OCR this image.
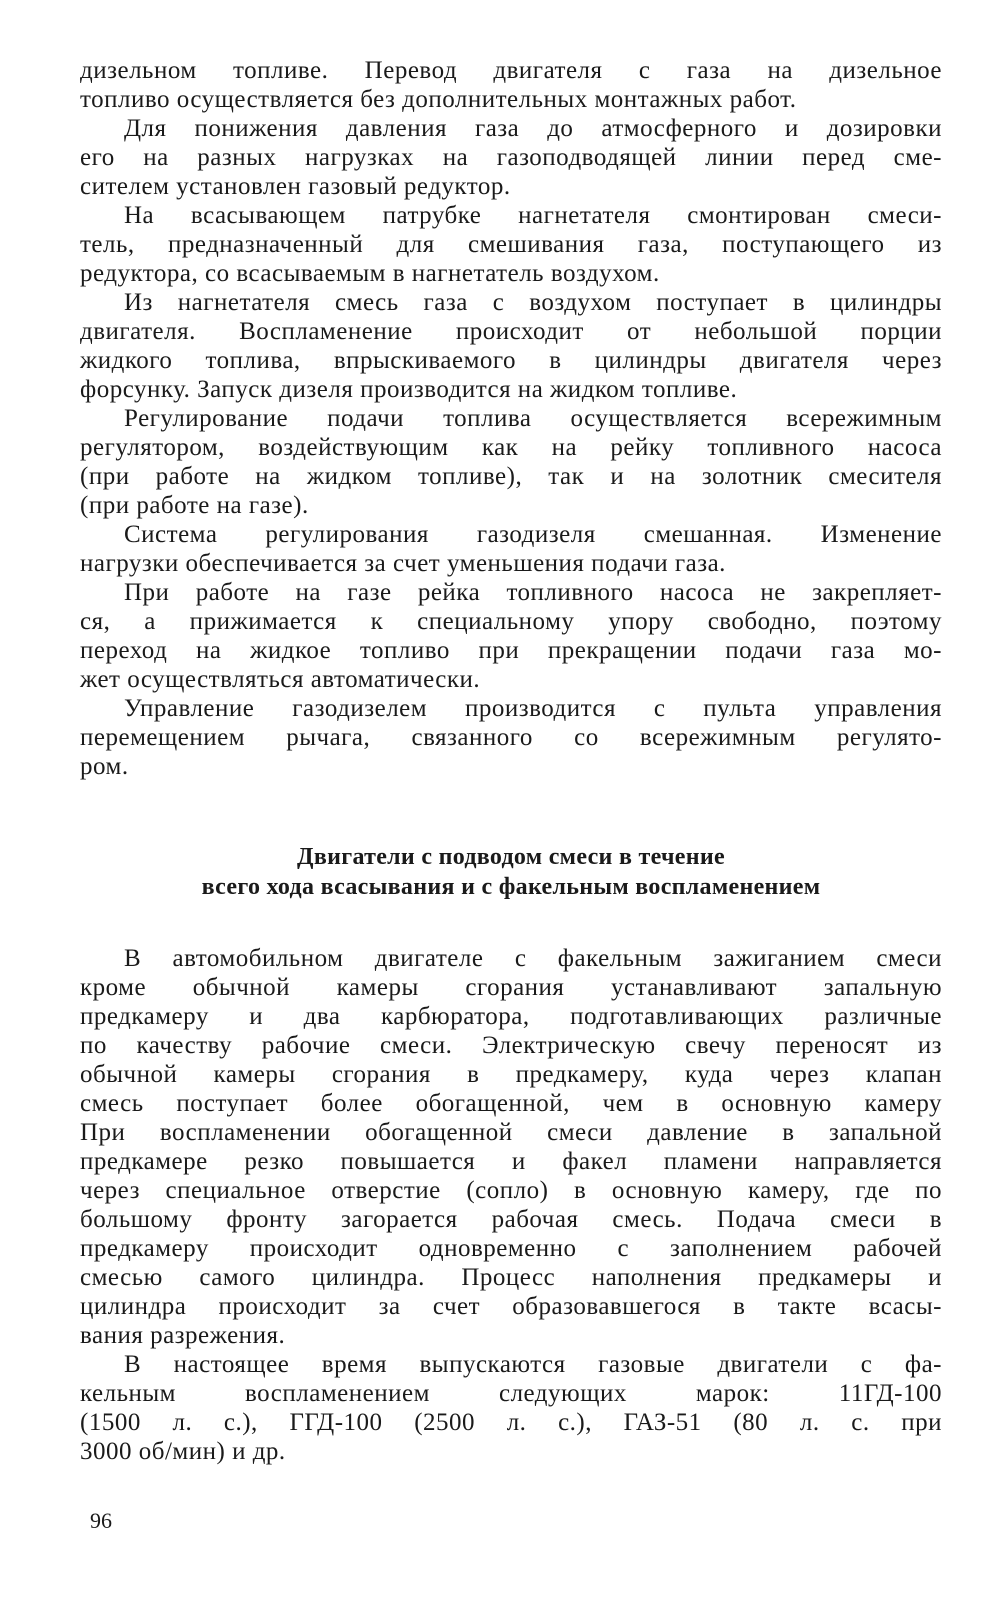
дизельном топливе. Перевод двигателя с газа на дизельное
топливо осуществляется без дополнительных монтажных работ.
Для понижения давления газа до атмосферного и дозировки
его на разных нагрузках на газоподводящей линии перед сме-
сителем установлен газовый редуктор.
На всасывающем патрубке нагнетателя смонтирован смеси-
тель, предназначенный для смешивания газа, поступающего из
редуктора, со всасываемым в нагнетатель воздухом.
Из нагнетателя смесь газа с воздухом поступает в цилиндры
двигателя. Воспламенение происходит от небольшой порции
жидкого топлива, впрыскиваемого в цилиндры двигателя через
форсунку. Запуск дизеля производится на жидком топливе.
Регулирование подачи топлива осуществляется всережимным
регулятором, воздействующим как на рейку топливного насоса
(при работе на жидком топливе), так и на золотник смесителя
(при работе на газе).
Система регулирования газодизеля смешанная. Изменение
нагрузки обеспечивается за счет уменьшения подачи газа.
При работе на газе рейка топливного насоса не закрепляет-
ся, а прижимается к специальному упору свободно, поэтому
переход на жидкое топливо при прекращении подачи газа мо-
жет осуществляться автоматически.
Управление газодизелем производится с пульта управления
перемещением рычага, связанного со всережимным регулято-
ром.
Двигатели с подводом смеси в течение
всего хода всасывания и с факельным воспламенением
В автомобильном двигателе с факельным зажиганием смеси
кроме обычной камеры сгорания устанавливают запальную
предкамеру и два карбюратора, подготавливающих различные
по качеству рабочие смеси. Электрическую свечу переносят из
обычной камеры сгорания в предкамеру, куда через клапан
смесь поступает более обогащенной, чем в основную камеру
При воспламенении обогащенной смеси давление в запальной
предкамере резко повышается и факел пламени направляется
через специальное отверстие (сопло) в основную камеру, где по
большому фронту загорается рабочая смесь. Подача смеси в
предкамеру происходит одновременно с заполнением рабочей
смесью самого цилиндра. Процесс наполнения предкамеры и
цилиндра происходит за счет образовавшегося в такте всасы-
вания разрежения.
В настоящее время выпускаются газовые двигатели с фа-
кельным воспламенением следующих марок: 11ГД-100
(1500 л. с.), ГГД-100 (2500 л. с.), ГАЗ-51 (80 л. с. при
3000 об/мин) и др.
96
